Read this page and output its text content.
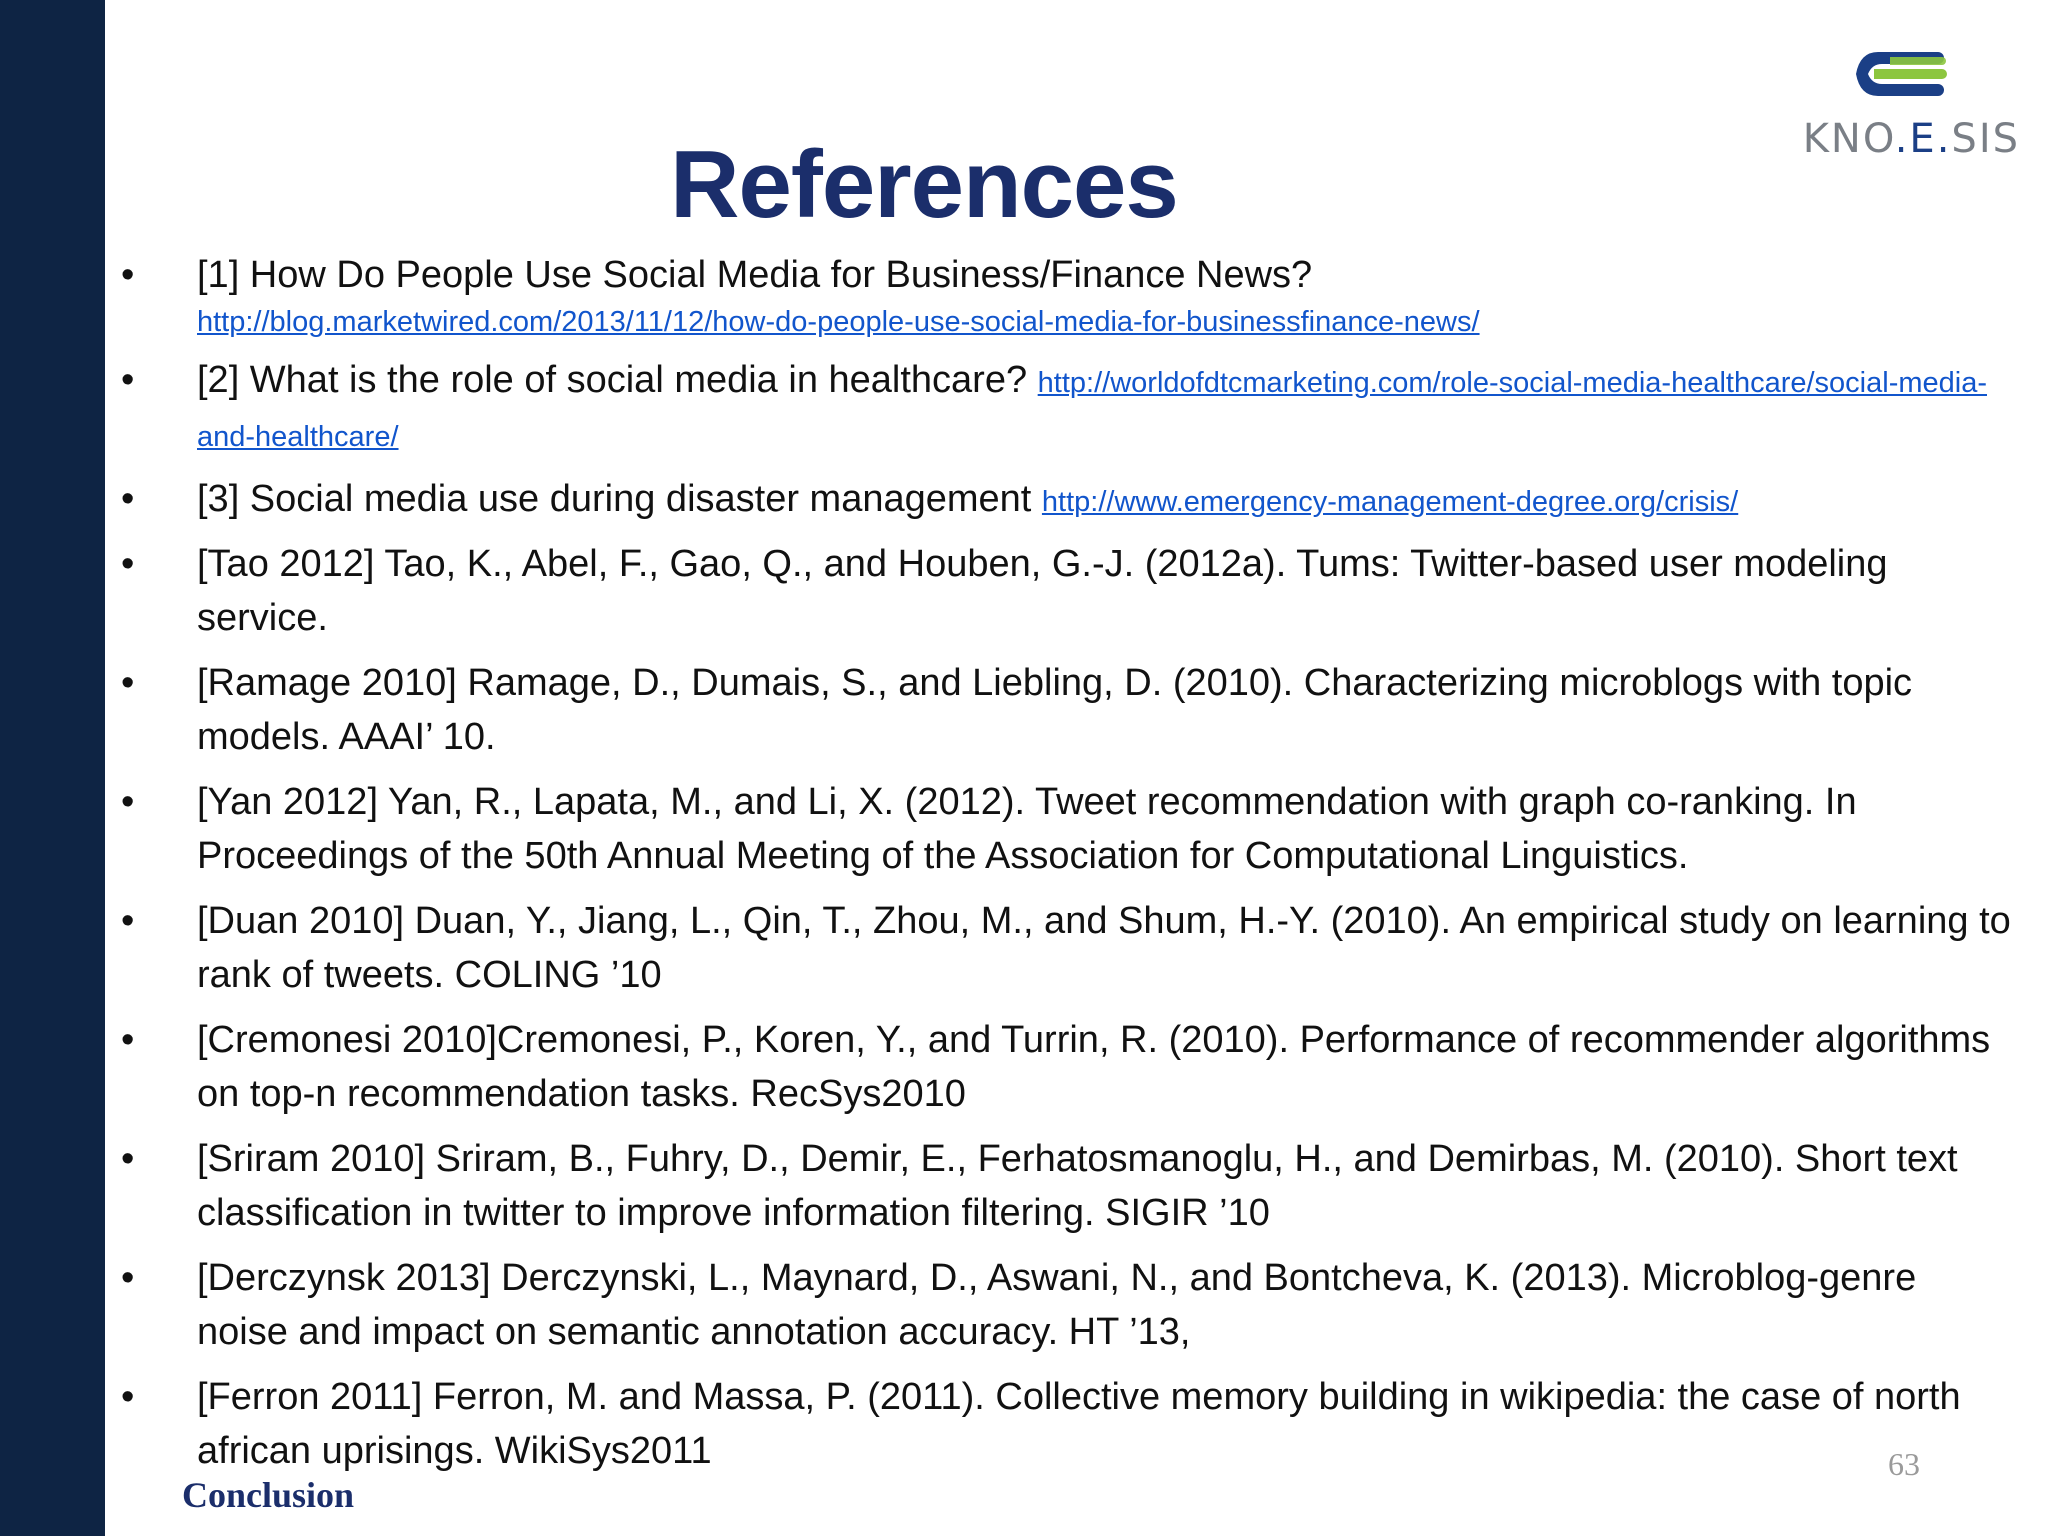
KNO.E.SIS
References
• [1] How Do People Use Social Media for Business/Finance News?
http://blog.marketwired.com/2013/11/12/how-do-people-use-social-media-for-businessfinance-news/
• [2] What is the role of social media in healthcare? http://worldofdtcmarketing.com/role-social-media-healthcare/social-media-and-healthcare/
• [3] Social media use during disaster management http://www.emergency-management-degree.org/crisis/
• [Tao 2012] Tao, K., Abel, F., Gao, Q., and Houben, G.-J. (2012a). Tums: Twitter-based user modeling service.
• [Ramage 2010] Ramage, D., Dumais, S., and Liebling, D. (2010). Characterizing microblogs with topic models. AAAI’ 10.
• [Yan 2012] Yan, R., Lapata, M., and Li, X. (2012). Tweet recommendation with graph co-ranking. In Proceedings of the 50th Annual Meeting of the Association for Computational Linguistics.
• [Duan 2010] Duan, Y., Jiang, L., Qin, T., Zhou, M., and Shum, H.-Y. (2010). An empirical study on learning to rank of tweets. COLING ’10
• [Cremonesi 2010]Cremonesi, P., Koren, Y., and Turrin, R. (2010). Performance of recommender algorithms on top-n recommendation tasks. RecSys2010
• [Sriram 2010] Sriram, B., Fuhry, D., Demir, E., Ferhatosmanoglu, H., and Demirbas, M. (2010). Short text classification in twitter to improve information filtering. SIGIR ’10
• [Derczynsk 2013] Derczynski, L., Maynard, D., Aswani, N., and Bontcheva, K. (2013). Microblog-genre noise and impact on semantic annotation accuracy. HT ’13,
• [Ferron 2011] Ferron, M. and Massa, P. (2011). Collective memory building in wikipedia: the case of north african uprisings. WikiSys2011	63
Conclusion
